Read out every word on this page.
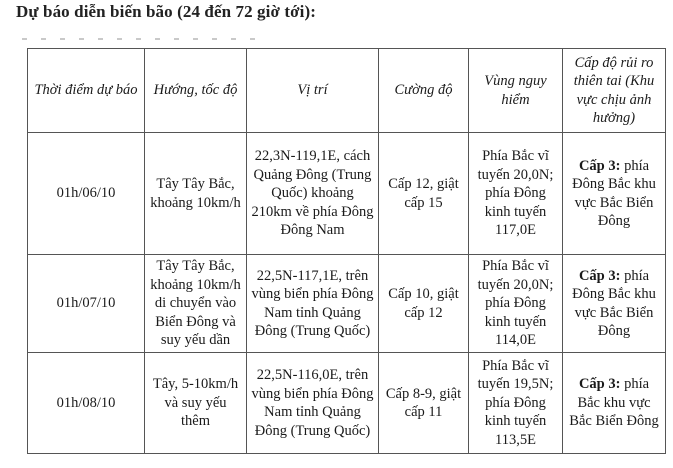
Dự báo diễn biến bão (24 đến 72 giờ tới):
Thời điểm dự báo	Hướng, tốc độ	Vị trí	Cường độ	Vùng nguy hiểm	Cấp độ rủi ro thiên tai (Khu vực chịu ảnh hưởng)
01h/06/10	Tây Tây Bắc, khoảng 10km/h	22,3N-119,1E, cách Quảng Đông (Trung Quốc) khoảng 210km về phía Đông Đông Nam	Cấp 12, giật cấp 15	Phía Bắc vĩ tuyến 20,0N; phía Đông kinh tuyến 117,0E	Cấp 3: phía Đông Bắc khu vực Bắc Biển Đông
01h/07/10	Tây Tây Bắc, khoảng 10km/h di chuyển vào Biển Đông và suy yếu dần	22,5N-117,1E, trên vùng biển phía Đông Nam tỉnh Quảng Đông (Trung Quốc)	Cấp 10, giật cấp 12	Phía Bắc vĩ tuyến 20,0N; phía Đông kinh tuyến 114,0E	Cấp 3: phía Đông Bắc khu vực Bắc Biển Đông
01h/08/10	Tây, 5-10km/h và suy yếu thêm	22,5N-116,0E, trên vùng biển phía Đông Nam tỉnh Quảng Đông (Trung Quốc)	Cấp 8-9, giật cấp 11	Phía Bắc vĩ tuyến 19,5N; phía Đông kinh tuyến 113,5E	Cấp 3: phía Bắc khu vực Bắc Biển Đông
